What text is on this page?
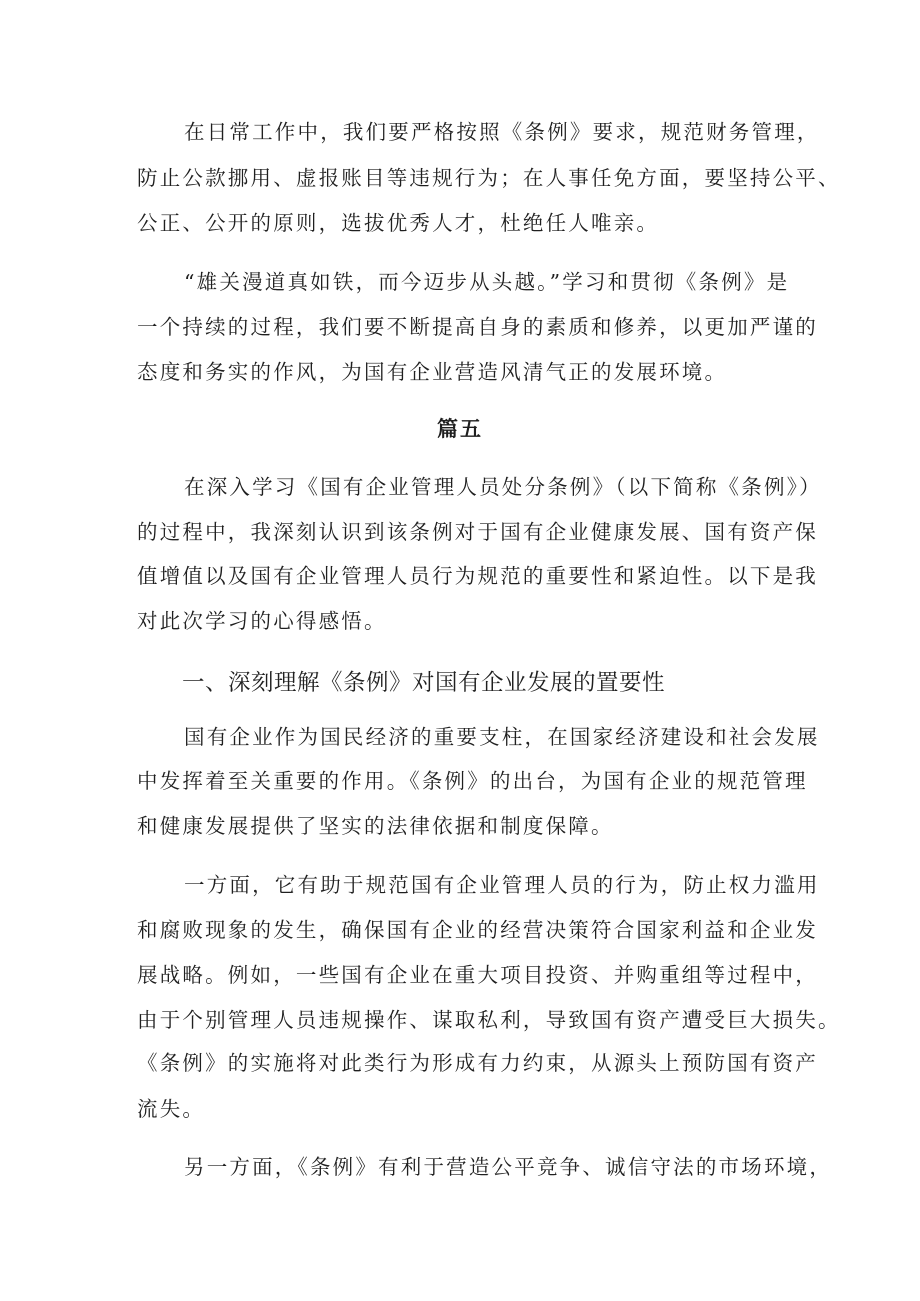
在日常工作中，我们要严格按照《条例》要求，规范财务管理，
防止公款挪用、虚报账目等违规行为；在人事任免方面，要坚持公平、
公正、公开的原则，选拔优秀人才，杜绝任人唯亲。
“雄关漫道真如铁，而今迈步从头越。”学习和贯彻《条例》是
一个持续的过程，我们要不断提高自身的素质和修养，以更加严谨的
态度和务实的作风，为国有企业营造风清气正的发展环境。
篇五
在深入学习《国有企业管理人员处分条例》（以下简称《条例》）
的过程中，我深刻认识到该条例对于国有企业健康发展、国有资产保
值增值以及国有企业管理人员行为规范的重要性和紧迫性。以下是我
对此次学习的心得感悟。
一、深刻理解《条例》对国有企业发展的置要性
国有企业作为国民经济的重要支柱，在国家经济建设和社会发展
中发挥着至关重要的作用。《条例》的出台，为国有企业的规范管理
和健康发展提供了坚实的法律依据和制度保障。
一方面，它有助于规范国有企业管理人员的行为，防止权力滥用
和腐败现象的发生，确保国有企业的经营决策符合国家利益和企业发
展战略。例如，一些国有企业在重大项目投资、并购重组等过程中，
由于个别管理人员违规操作、谋取私利，导致国有资产遭受巨大损失。
《条例》的实施将对此类行为形成有力约束，从源头上预防国有资产
流失。
另一方面，《条例》有利于营造公平竞争、诚信守法的市场环境，
